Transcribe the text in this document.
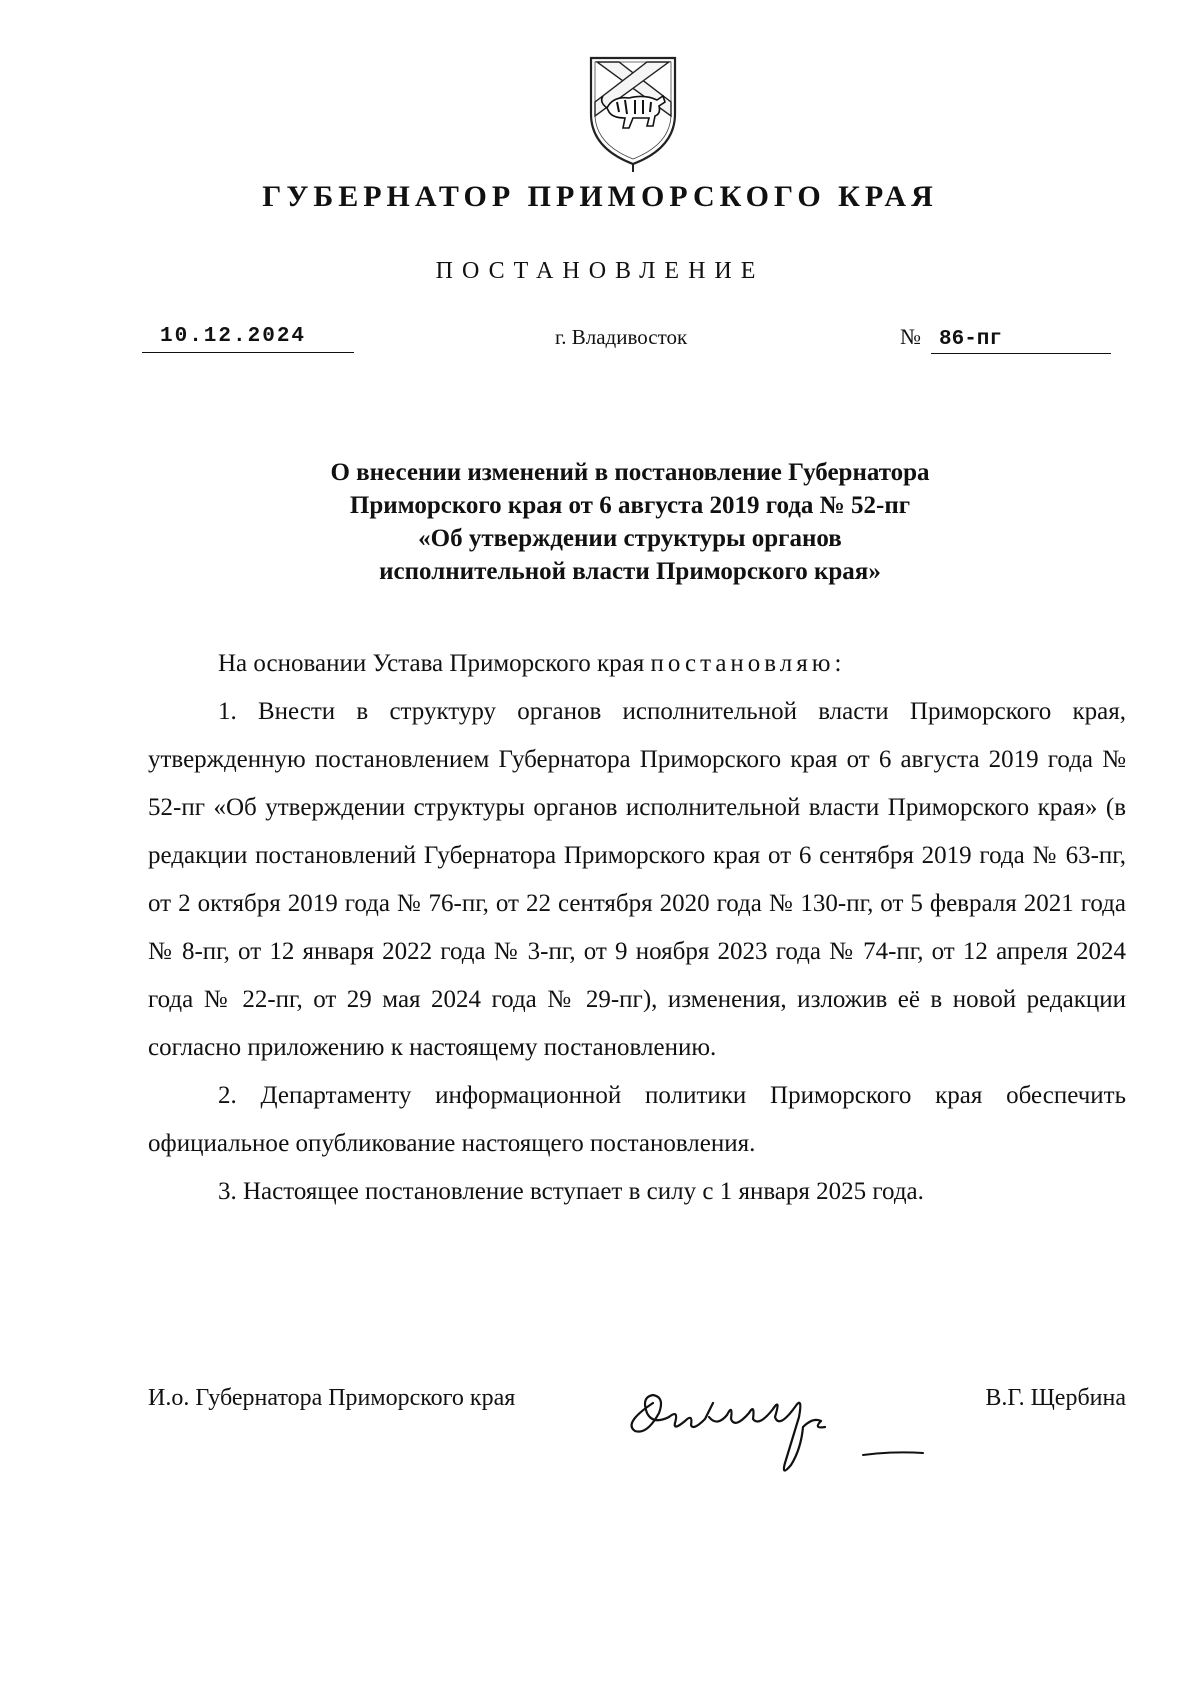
ГУБЕРНАТОР ПРИМОРСКОГО КРАЯ
ПОСТАНОВЛЕНИЕ
10.12.2024	г. Владивосток	№ 86-пг
О внесении изменений в постановление Губернатора
Приморского края от 6 августа 2019 года № 52-пг
«Об утверждении структуры органов
исполнительной власти Приморского края»

На основании Устава Приморского края постановляю:

1. Внести в структуру органов исполнительной власти Приморского края, утвержденную постановлением Губернатора Приморского края от 6 августа 2019 года № 52-пг «Об утверждении структуры органов исполнительной власти Приморского края» (в редакции постановлений Губернатора Приморского края от 6 сентября 2019 года № 63-пг, от 2 октября 2019 года № 76-пг, от 22 сентября 2020 года № 130-пг, от 5 февраля 2021 года № 8-пг, от 12 января 2022 года № 3-пг, от 9 ноября 2023 года № 74-пг, от 12 апреля 2024 года № 22-пг, от 29 мая 2024 года № 29-пг), изменения, изложив её в новой редакции согласно приложению к настоящему постановлению.

2. Департаменту информационной политики Приморского края обеспечить официальное опубликование настоящего постановления.

3. Настоящее постановление вступает в силу с 1 января 2025 года.

И.о. Губернатора Приморского края	В.Г. Щербина
